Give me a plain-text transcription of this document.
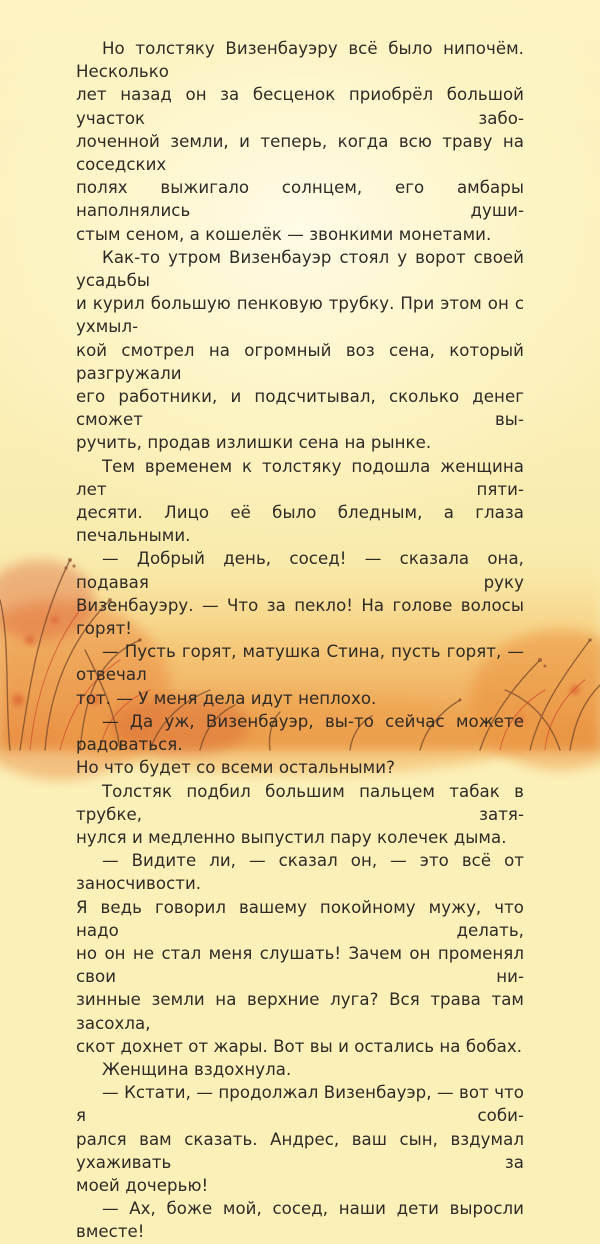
Но толстяку Визенбауэру всё было нипочём. Несколько
лет назад он за бесценок приобрёл большой участок забо-
лоченной земли, и теперь, когда всю траву на соседских
полях выжигало солнцем, его амбары наполнялись души-
стым сеном, а кошелёк — звонкими монетами.

Как-то утром Визенбауэр стоял у ворот своей усадьбы
и курил большую пенковую трубку. При этом он с ухмыл-
кой смотрел на огромный воз сена, который разгружали
его работники, и подсчитывал, сколько денег сможет вы-
ручить, продав излишки сена на рынке.

Тем временем к толстяку подошла женщина лет пяти-
десяти. Лицо её было бледным, а глаза печальными.

— Добрый день, сосед! — сказала она, подавая руку
Визенбауэру. — Что за пекло! На голове волосы горят!

— Пусть горят, матушка Стина, пусть горят, — отвечал
тот. — У меня дела идут неплохо.

— Да уж, Визенбауэр, вы-то сейчас можете радоваться.
Но что будет со всеми остальными?

Толстяк подбил большим пальцем табак в трубке, затя-
нулся и медленно выпустил пару колечек дыма.

— Видите ли, — сказал он, — это всё от заносчивости.
Я ведь говорил вашему покойному мужу, что надо делать,
но он не стал меня слушать! Зачем он променял свои ни-
зинные земли на верхние луга? Вся трава там засохла,
скот дохнет от жары. Вот вы и остались на бобах.

Женщина вздохнула.

— Кстати, — продолжал Визенбауэр, — вот что я соби-
рался вам сказать. Андрес, ваш сын, вздумал ухаживать за
моей дочерью!

— Ах, боже мой, сосед, наши дети выросли вместе!
